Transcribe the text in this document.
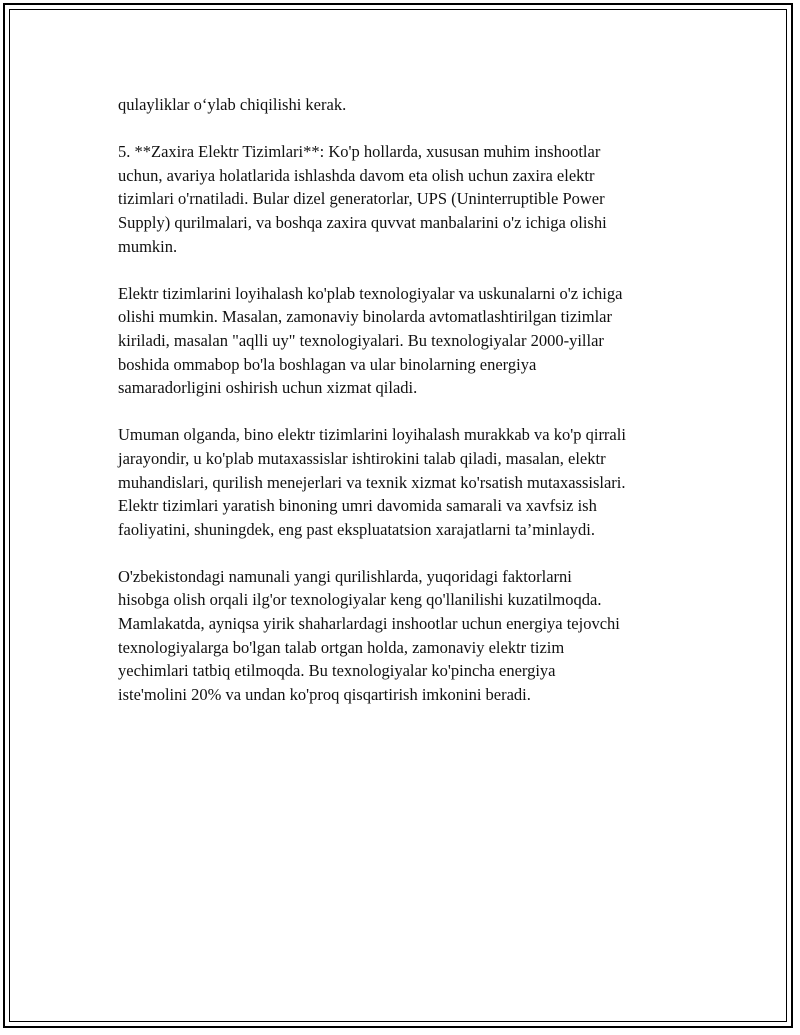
qulayliklar o‘ylab chiqilishi kerak.

5. **Zaxira Elektr Tizimlari**: Ko'p hollarda, xususan muhim inshootlar
uchun, avariya holatlarida ishlashda davom eta olish uchun zaxira elektr
tizimlari o'rnatiladi. Bular dizel generatorlar, UPS (Uninterruptible Power
Supply) qurilmalari, va boshqa zaxira quvvat manbalarini o'z ichiga olishi
mumkin.

Elektr tizimlarini loyihalash ko'plab texnologiyalar va uskunalarni o'z ichiga
olishi mumkin. Masalan, zamonaviy binolarda avtomatlashtirilgan tizimlar
kiriladi, masalan "aqlli uy" texnologiyalari. Bu texnologiyalar 2000-yillar
boshida ommabop bo'la boshlagan va ular binolarning energiya
samaradorligini oshirish uchun xizmat qiladi.

Umuman olganda, bino elektr tizimlarini loyihalash murakkab va ko'p qirrali
jarayondir, u ko'plab mutaxassislar ishtirokini talab qiladi, masalan, elektr
muhandislari, qurilish menejerlari va texnik xizmat ko'rsatish mutaxassislari.
Elektr tizimlari yaratish binoning umri davomida samarali va xavfsiz ish
faoliyatini, shuningdek, eng past ekspluatatsion xarajatlarni ta’minlaydi.

O'zbekistondagi namunali yangi qurilishlarda, yuqoridagi faktorlarni
hisobga olish orqali ilg'or texnologiyalar keng qo'llanilishi kuzatilmoqda.
Mamlakatda, ayniqsa yirik shaharlardagi inshootlar uchun energiya tejovchi
texnologiyalarga bo'lgan talab ortgan holda, zamonaviy elektr tizim
yechimlari tatbiq etilmoqda. Bu texnologiyalar ko'pincha energiya
iste'molini 20% va undan ko'proq qisqartirish imkonini beradi.
